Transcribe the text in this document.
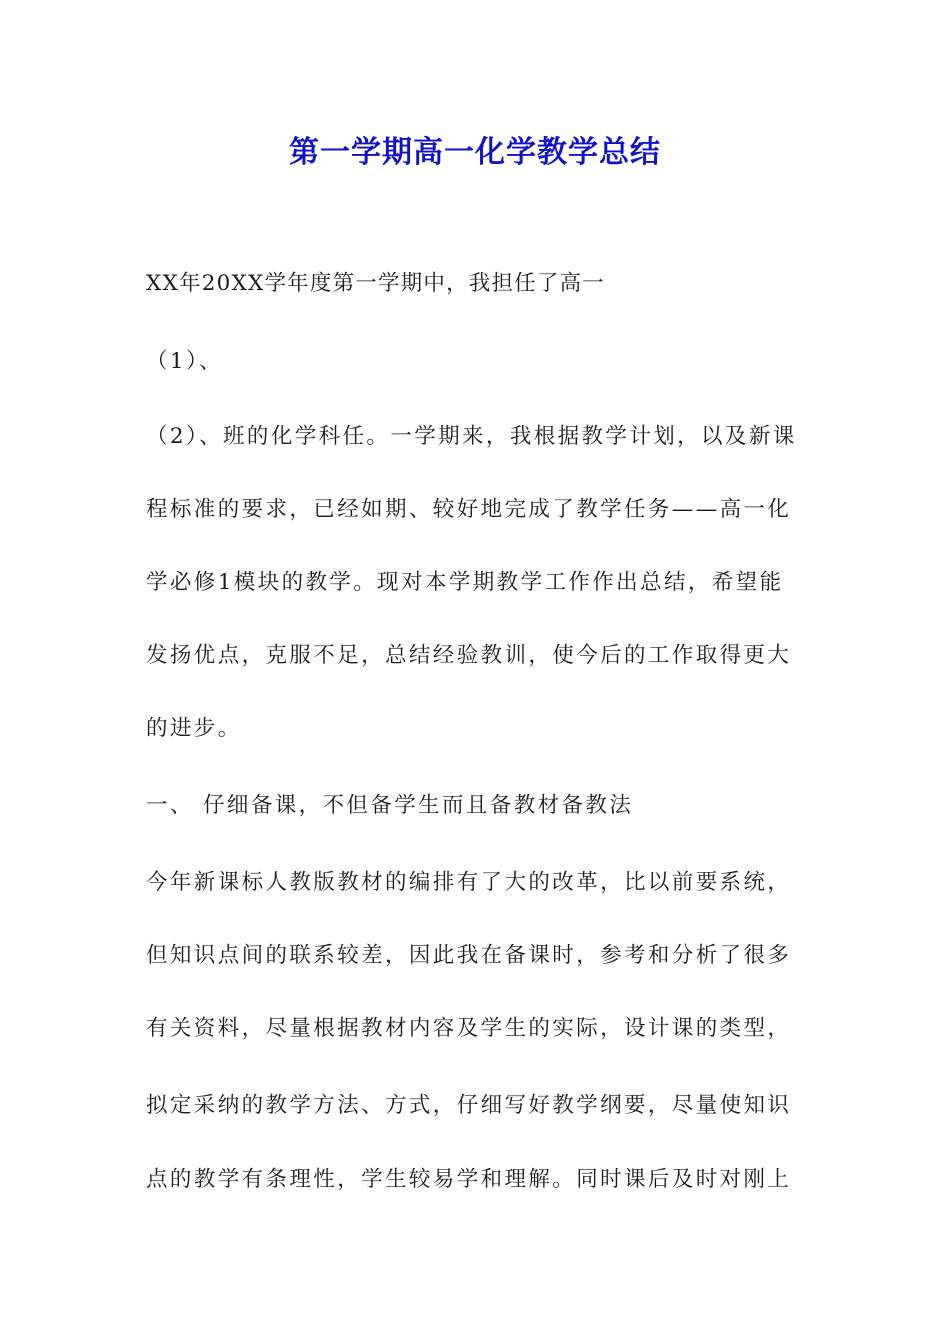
第一学期高一化学教学总结
XX年20XX学年度第一学期中，我担任了高一
（1）、
（2）、班的化学科任。一学期来，我根据教学计划，以及新课
程标准的要求，已经如期、较好地完成了教学任务——高一化
学必修1模块的教学。现对本学期教学工作作出总结，希望能
发扬优点，克服不足，总结经验教训，使今后的工作取得更大
的进步。
一、 仔细备课，不但备学生而且备教材备教法
今年新课标人教版教材的编排有了大的改革，比以前要系统，
但知识点间的联系较差，因此我在备课时，参考和分析了很多
有关资料，尽量根据教材内容及学生的实际，设计课的类型，
拟定采纳的教学方法、方式，仔细写好教学纲要，尽量使知识
点的教学有条理性，学生较易学和理解。同时课后及时对刚上
